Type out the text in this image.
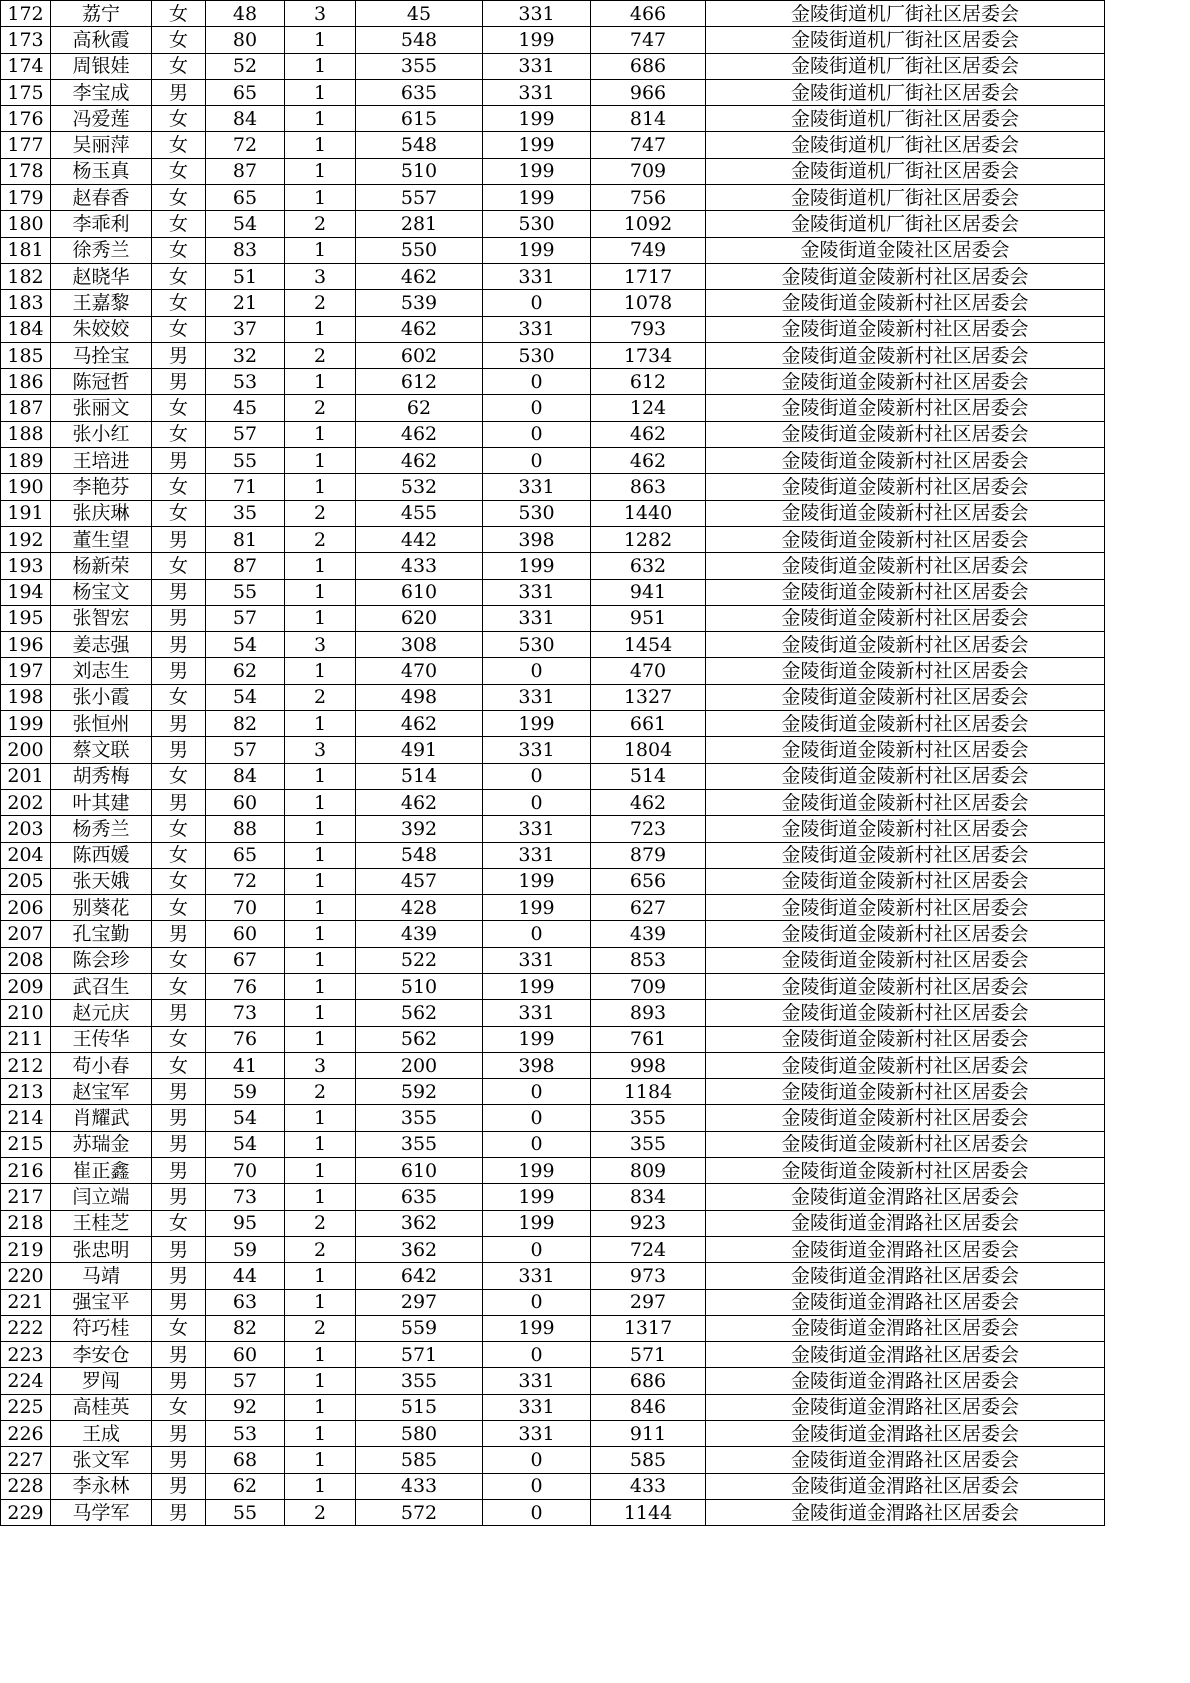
172	荔宁	女	48	3	45	331	466	金陵街道机厂街社区居委会
173	高秋霞	女	80	1	548	199	747	金陵街道机厂街社区居委会
174	周银娃	女	52	1	355	331	686	金陵街道机厂街社区居委会
175	李宝成	男	65	1	635	331	966	金陵街道机厂街社区居委会
176	冯爱莲	女	84	1	615	199	814	金陵街道机厂街社区居委会
177	吴丽萍	女	72	1	548	199	747	金陵街道机厂街社区居委会
178	杨玉真	女	87	1	510	199	709	金陵街道机厂街社区居委会
179	赵春香	女	65	1	557	199	756	金陵街道机厂街社区居委会
180	李乖利	女	54	2	281	530	1092	金陵街道机厂街社区居委会
181	徐秀兰	女	83	1	550	199	749	金陵街道金陵社区居委会
182	赵晓华	女	51	3	462	331	1717	金陵街道金陵新村社区居委会
183	王嘉黎	女	21	2	539	0	1078	金陵街道金陵新村社区居委会
184	朱姣姣	女	37	1	462	331	793	金陵街道金陵新村社区居委会
185	马拴宝	男	32	2	602	530	1734	金陵街道金陵新村社区居委会
186	陈冠哲	男	53	1	612	0	612	金陵街道金陵新村社区居委会
187	张丽文	女	45	2	62	0	124	金陵街道金陵新村社区居委会
188	张小红	女	57	1	462	0	462	金陵街道金陵新村社区居委会
189	王培进	男	55	1	462	0	462	金陵街道金陵新村社区居委会
190	李艳芬	女	71	1	532	331	863	金陵街道金陵新村社区居委会
191	张庆琳	女	35	2	455	530	1440	金陵街道金陵新村社区居委会
192	董生望	男	81	2	442	398	1282	金陵街道金陵新村社区居委会
193	杨新荣	女	87	1	433	199	632	金陵街道金陵新村社区居委会
194	杨宝文	男	55	1	610	331	941	金陵街道金陵新村社区居委会
195	张智宏	男	57	1	620	331	951	金陵街道金陵新村社区居委会
196	姜志强	男	54	3	308	530	1454	金陵街道金陵新村社区居委会
197	刘志生	男	62	1	470	0	470	金陵街道金陵新村社区居委会
198	张小霞	女	54	2	498	331	1327	金陵街道金陵新村社区居委会
199	张恒州	男	82	1	462	199	661	金陵街道金陵新村社区居委会
200	蔡文联	男	57	3	491	331	1804	金陵街道金陵新村社区居委会
201	胡秀梅	女	84	1	514	0	514	金陵街道金陵新村社区居委会
202	叶其建	男	60	1	462	0	462	金陵街道金陵新村社区居委会
203	杨秀兰	女	88	1	392	331	723	金陵街道金陵新村社区居委会
204	陈西媛	女	65	1	548	331	879	金陵街道金陵新村社区居委会
205	张天娥	女	72	1	457	199	656	金陵街道金陵新村社区居委会
206	别葵花	女	70	1	428	199	627	金陵街道金陵新村社区居委会
207	孔宝勤	男	60	1	439	0	439	金陵街道金陵新村社区居委会
208	陈会珍	女	67	1	522	331	853	金陵街道金陵新村社区居委会
209	武召生	女	76	1	510	199	709	金陵街道金陵新村社区居委会
210	赵元庆	男	73	1	562	331	893	金陵街道金陵新村社区居委会
211	王传华	女	76	1	562	199	761	金陵街道金陵新村社区居委会
212	苟小春	女	41	3	200	398	998	金陵街道金陵新村社区居委会
213	赵宝军	男	59	2	592	0	1184	金陵街道金陵新村社区居委会
214	肖耀武	男	54	1	355	0	355	金陵街道金陵新村社区居委会
215	苏瑞金	男	54	1	355	0	355	金陵街道金陵新村社区居委会
216	崔正鑫	男	70	1	610	199	809	金陵街道金陵新村社区居委会
217	闫立端	男	73	1	635	199	834	金陵街道金渭路社区居委会
218	王桂芝	女	95	2	362	199	923	金陵街道金渭路社区居委会
219	张忠明	男	59	2	362	0	724	金陵街道金渭路社区居委会
220	马靖	男	44	1	642	331	973	金陵街道金渭路社区居委会
221	强宝平	男	63	1	297	0	297	金陵街道金渭路社区居委会
222	符巧桂	女	82	2	559	199	1317	金陵街道金渭路社区居委会
223	李安仓	男	60	1	571	0	571	金陵街道金渭路社区居委会
224	罗闯	男	57	1	355	331	686	金陵街道金渭路社区居委会
225	高桂英	女	92	1	515	331	846	金陵街道金渭路社区居委会
226	王成	男	53	1	580	331	911	金陵街道金渭路社区居委会
227	张文军	男	68	1	585	0	585	金陵街道金渭路社区居委会
228	李永林	男	62	1	433	0	433	金陵街道金渭路社区居委会
229	马学军	男	55	2	572	0	1144	金陵街道金渭路社区居委会
